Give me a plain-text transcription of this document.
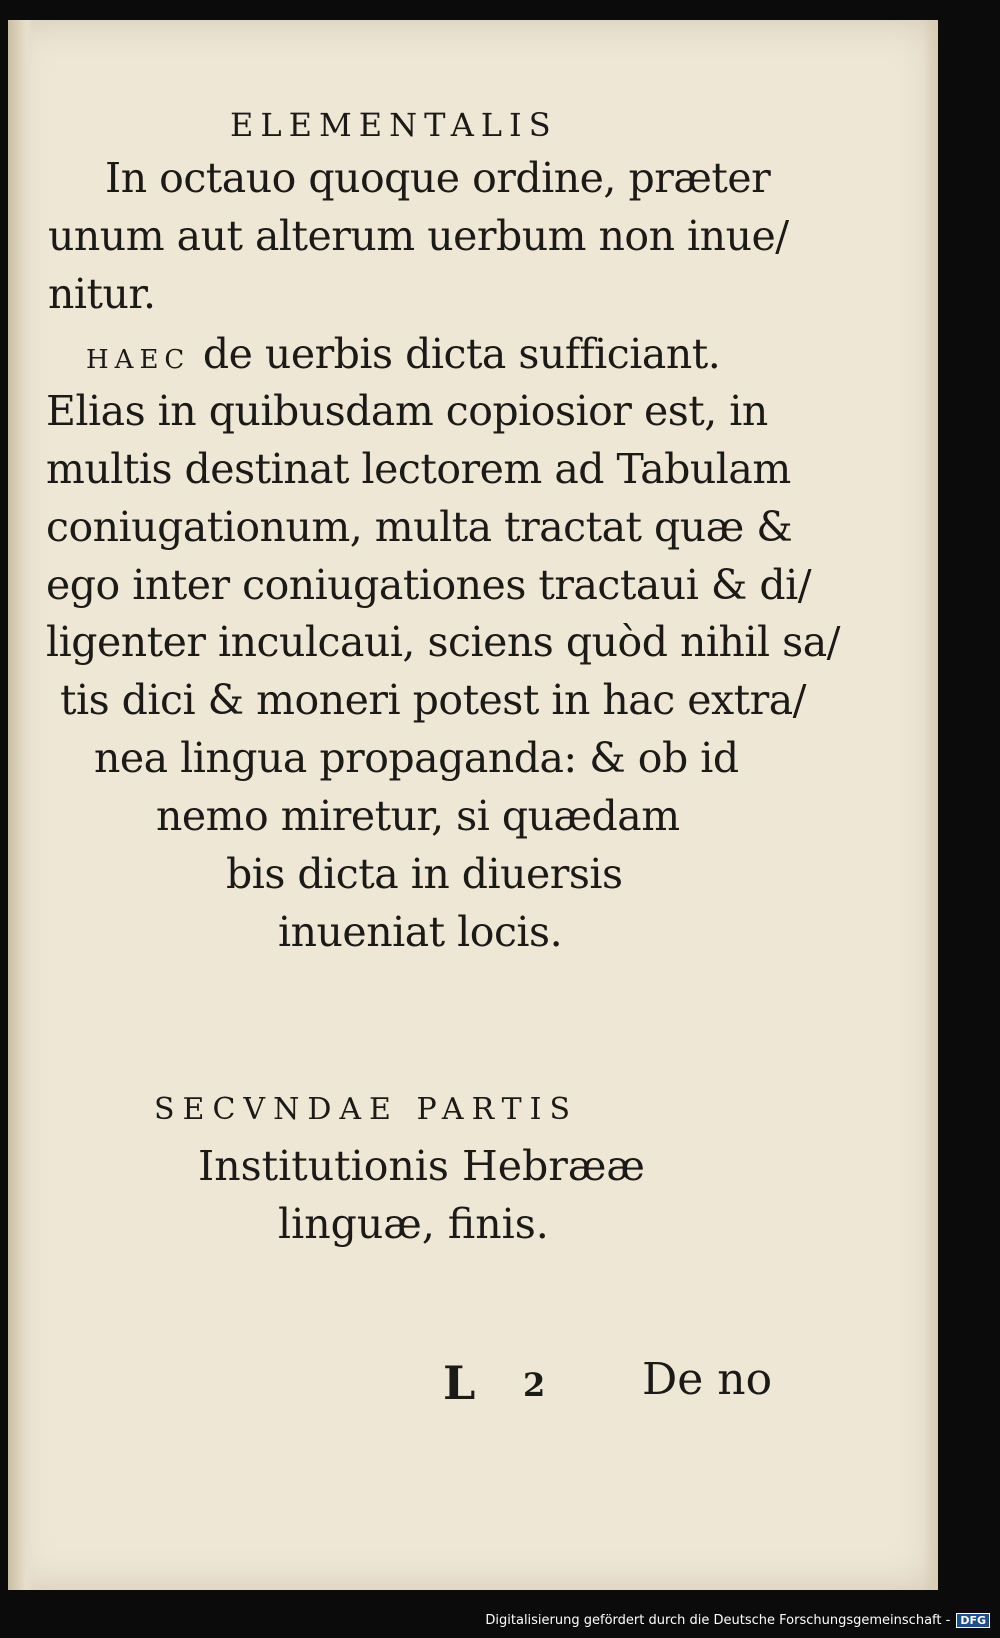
ELEMENTALIS
In octauo quoque ordine, præter
unum aut alterum uerbum non inue/
nitur.
HAEC de uerbis dicta sufficiant.
Elias in quibusdam copiosior est, in
multis destinat lectorem ad Tabulam
coniugationum, multa tractat quæ &
ego inter coniugationes tractaui & di/
ligenter inculcaui, sciens quòd nihil sa/
tis dici & moneri potest in hac extra/
nea lingua propaganda: & ob id
nemo miretur, si quædam
bis dicta in diuersis
inueniat locis.
SECVNDAE PARTIS
Institutionis Hebrææ
linguæ, finis.
L 2 De no
Digitalisierung gefördert durch die Deutsche Forschungsgemeinschaft - DFG
